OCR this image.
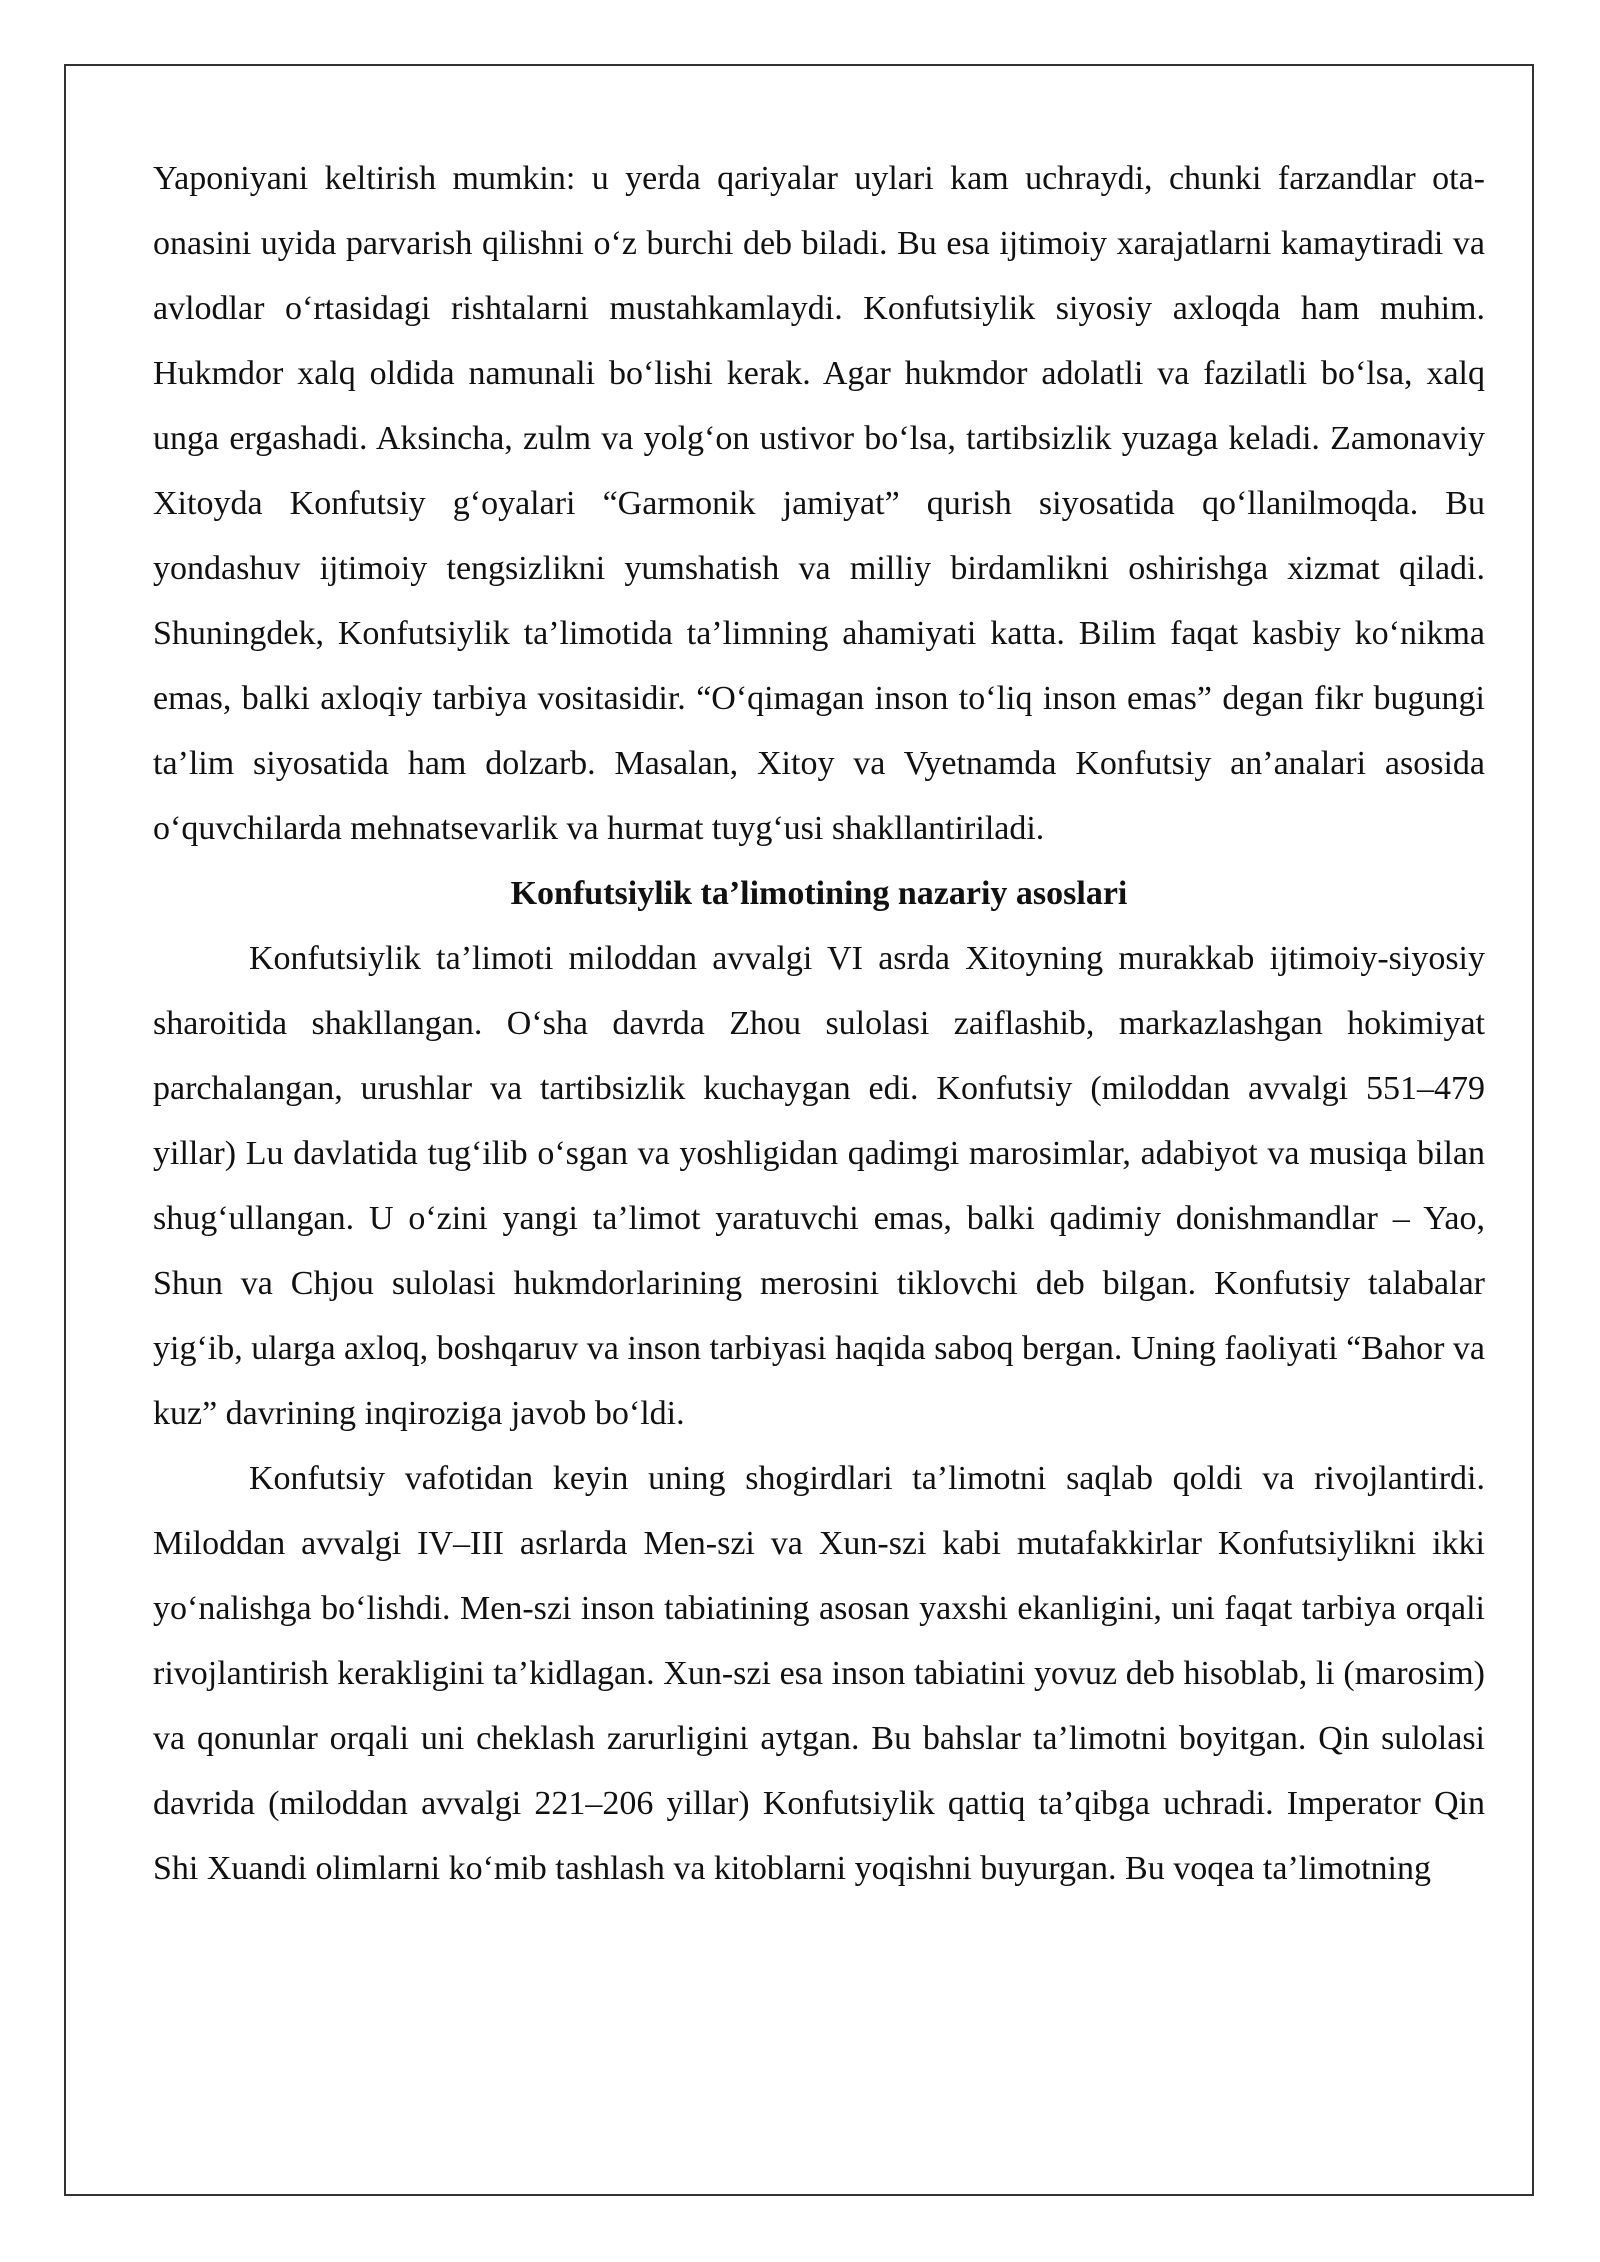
Yaponiyani keltirish mumkin: u yerda qariyalar uylari kam uchraydi, chunki farzandlar ota-onasini uyida parvarish qilishni o‘z burchi deb biladi. Bu esa ijtimoiy xarajatlarni kamaytiradi va avlodlar o‘rtasidagi rishtalarni mustahkamlaydi. Konfutsiylik siyosiy axloqda ham muhim. Hukmdor xalq oldida namunali bo‘lishi kerak. Agar hukmdor adolatli va fazilatli bo‘lsa, xalq unga ergashadi. Aksincha, zulm va yolg‘on ustivor bo‘lsa, tartibsizlik yuzaga keladi. Zamonaviy Xitoyda Konfutsiy g‘oyalari “Garmonik jamiyat” qurish siyosatida qo‘llanilmoqda. Bu yondashuv ijtimoiy tengsizlikni yumshatish va milliy birdamlikni oshirishga xizmat qiladi. Shuningdek, Konfutsiylik ta’limotida ta’limning ahamiyati katta. Bilim faqat kasbiy ko‘nikma emas, balki axloqiy tarbiya vositasidir. “O‘qimagan inson to‘liq inson emas” degan fikr bugungi ta’lim siyosatida ham dolzarb. Masalan, Xitoy va Vyetnamda Konfutsiy an’analari asosida o‘quvchilarda mehnatsevarlik va hurmat tuyg‘usi shakllantiriladi.

Konfutsiylik ta’limotining nazariy asoslari

Konfutsiylik ta’limoti miloddan avvalgi VI asrda Xitoyning murakkab ijtimoiy-siyosiy sharoitida shakllangan. O‘sha davrda Zhou sulolasi zaiflashib, markazlashgan hokimiyat parchalangan, urushlar va tartibsizlik kuchaygan edi. Konfutsiy (miloddan avvalgi 551–479 yillar) Lu davlatida tug‘ilib o‘sgan va yoshligidan qadimgi marosimlar, adabiyot va musiqa bilan shug‘ullangan. U o‘zini yangi ta’limot yaratuvchi emas, balki qadimiy donishmandlar – Yao, Shun va Chjou sulolasi hukmdorlarining merosini tiklovchi deb bilgan. Konfutsiy talabalar yig‘ib, ularga axloq, boshqaruv va inson tarbiyasi haqida saboq bergan. Uning faoliyati “Bahor va kuz” davrining inqiroziga javob bo‘ldi.

Konfutsiy vafotidan keyin uning shogirdlari ta’limotni saqlab qoldi va rivojlantirdi. Miloddan avvalgi IV–III asrlarda Men-szi va Xun-szi kabi mutafakkirlar Konfutsiylikni ikki yo‘nalishga bo‘lishdi. Men-szi inson tabiatining asosan yaxshi ekanligini, uni faqat tarbiya orqali rivojlantirish kerakligini ta’kidlagan. Xun-szi esa inson tabiatini yovuz deb hisoblab, li (marosim) va qonunlar orqali uni cheklash zarurligini aytgan. Bu bahslar ta’limotni boyitgan. Qin sulolasi davrida (miloddan avvalgi 221–206 yillar) Konfutsiylik qattiq ta’qibga uchradi. Imperator Qin Shi Xuandi olimlarni ko‘mib tashlash va kitoblarni yoqishni buyurgan. Bu voqea ta’limotning
